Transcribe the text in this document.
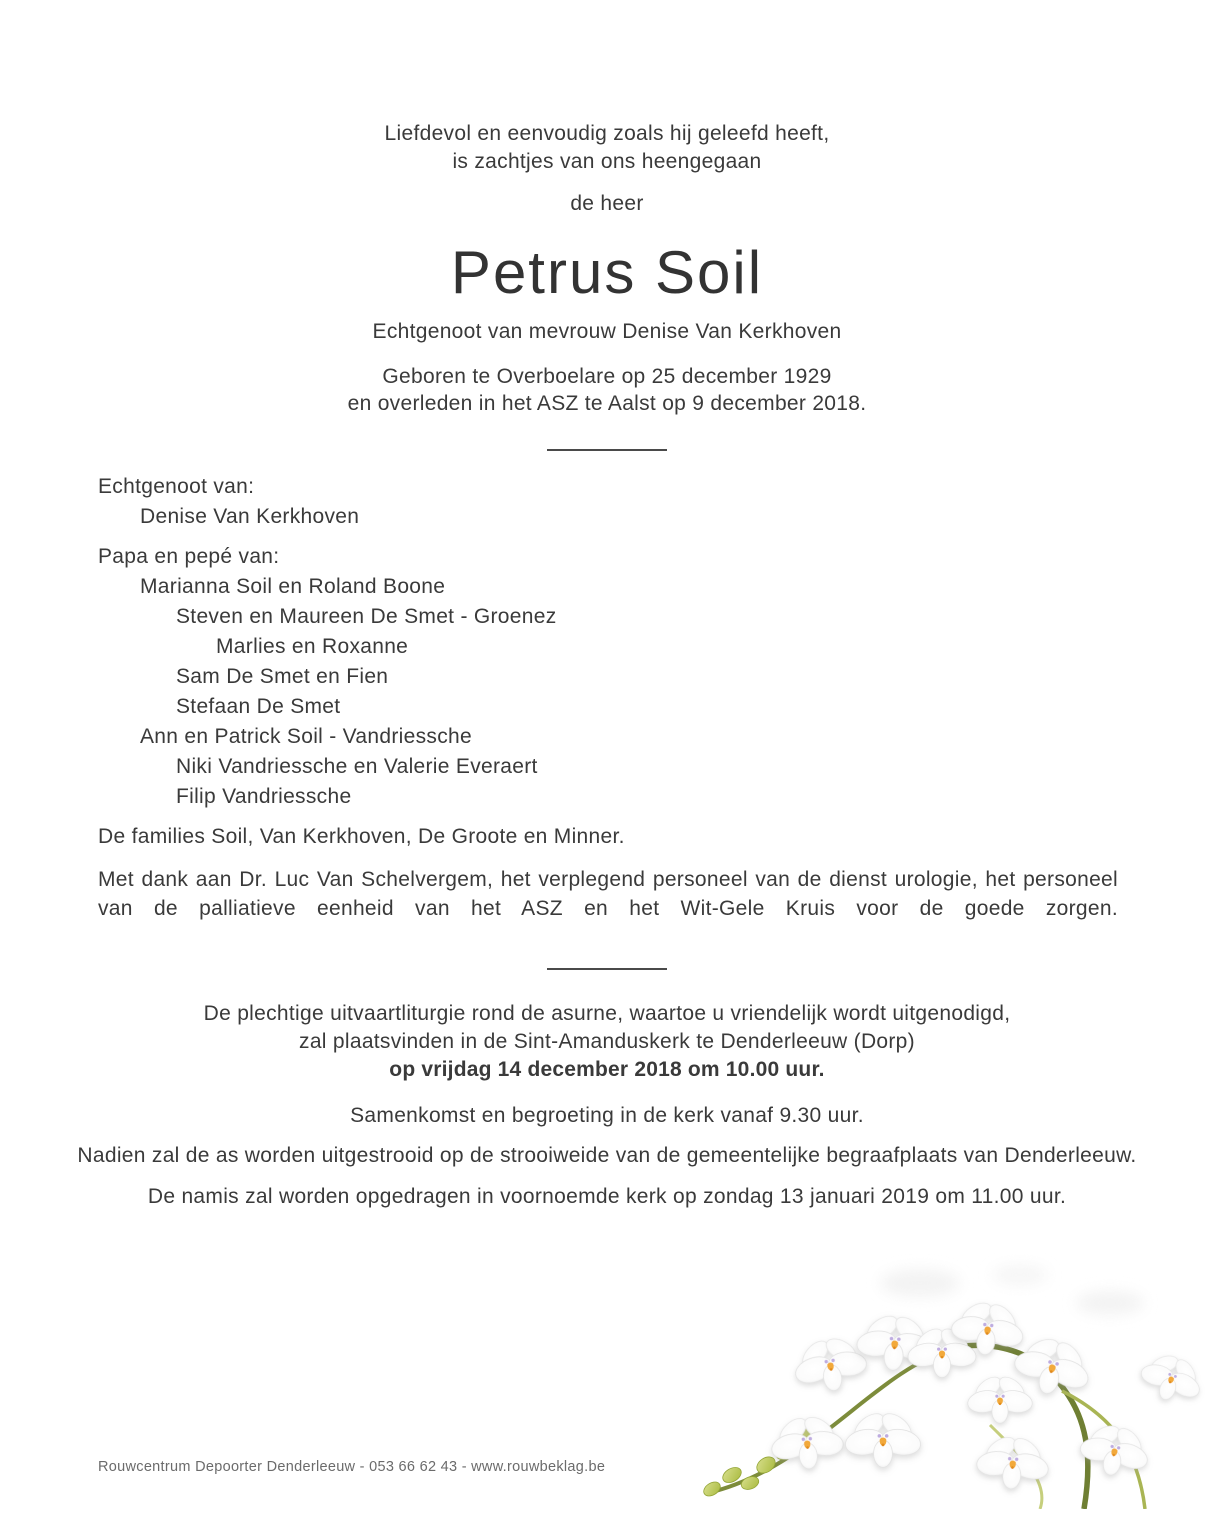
Liefdevol en eenvoudig zoals hij geleefd heeft,
is zachtjes van ons heengegaan
de heer
Petrus Soil
Echtgenoot van mevrouw Denise Van Kerkhoven
Geboren te Overboelare op 25 december 1929
en overleden in het ASZ te Aalst op 9 december 2018.
Echtgenoot van:
Denise Van Kerkhoven
Papa en pepé van:
Marianna Soil en Roland Boone
Steven en Maureen De Smet - Groenez
Marlies en Roxanne
Sam De Smet en Fien
Stefaan De Smet
Ann en Patrick Soil - Vandriessche
Niki Vandriessche en Valerie Everaert
Filip Vandriessche
De families Soil, Van Kerkhoven, De Groote en Minner.
Met dank aan Dr. Luc Van Schelvergem, het verplegend personeel van de dienst urologie, het personeel van de palliatieve eenheid van het ASZ en het Wit-Gele Kruis voor de goede zorgen.
De plechtige uitvaartliturgie rond de asurne, waartoe u vriendelijk wordt uitgenodigd,
zal plaatsvinden in de Sint-Amanduskerk te Denderleeuw (Dorp)
op vrijdag 14 december 2018 om 10.00 uur.
Samenkomst en begroeting in de kerk vanaf 9.30 uur.
Nadien zal de as worden uitgestrooid op de strooiweide van de gemeentelijke begraafplaats van Denderleeuw.
De namis zal worden opgedragen in voornoemde kerk op zondag 13 januari 2019 om 11.00 uur.
Rouwcentrum Depoorter Denderleeuw - 053 66 62 43 - www.rouwbeklag.be
